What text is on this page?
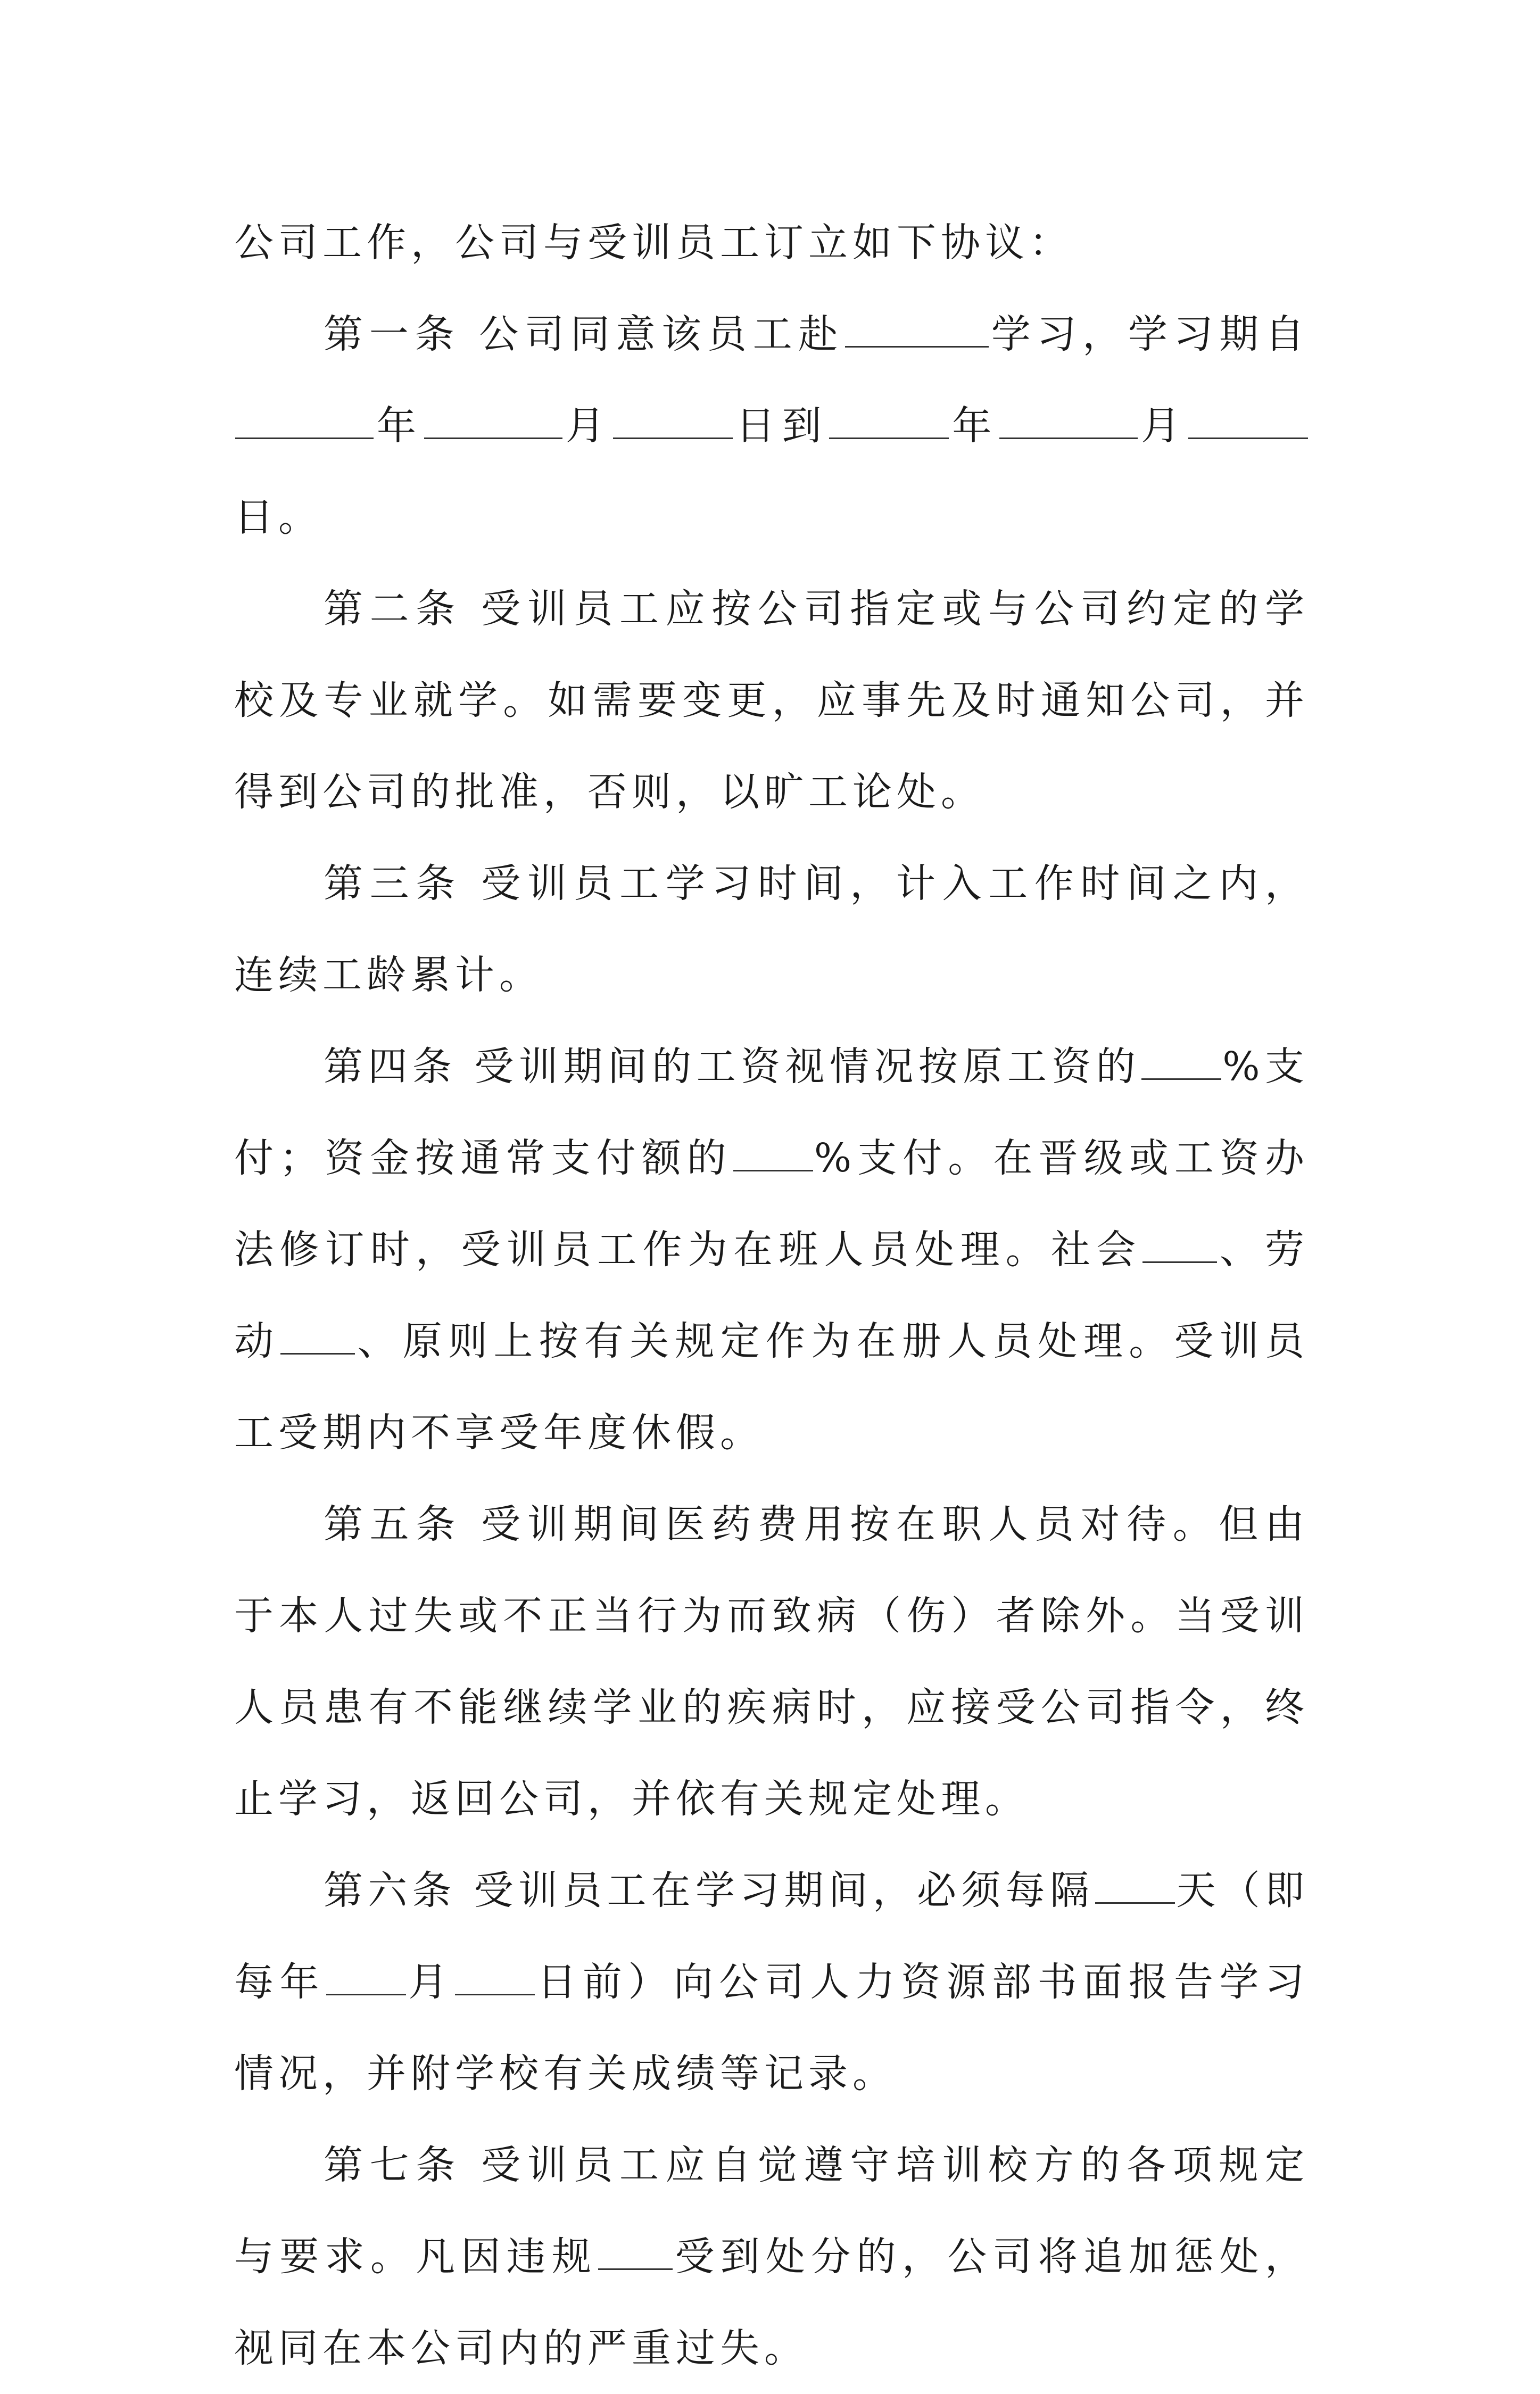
公司工作，公司与受训员工订立如下协议：

第一条 公司同意该员工赴	学习，学习期自年	月	日到	年	月日。

第二条 受训员工应按公司指定或与公司约定的学校及专业就学。如需要变更，应事先及时通知公司，并得到公司的批准，否则，以旷工论处。

第三条 受训员工学习时间，计入工作时间之内，连续工龄累计。

第四条 受训期间的工资视情况按原工资的 %支付；资金按通常支付额的 %支付。在晋级或工资办法修订时，受训员工作为在班人员处理。社会 、劳动 、原则上按有关规定作为在册人员处理。受训员工受期内不享受年度休假。

第五条 受训期间医药费用按在职人员对待。但由于本人过失或不正当行为而致病（伤）者除外。当受训人员患有不能继续学业的疾病时，应接受公司指令，终止学习，返回公司，并依有关规定处理。

第六条 受训员工在学习期间，必须每隔 天（即每年 月 日前）向公司人力资源部书面报告学习情况，并附学校有关成绩等记录。

第七条 受训员工应自觉遵守培训校方的各项规定与要求。凡因违规 受到处分的，公司将追加惩处，视同在本公司内的严重过失。
